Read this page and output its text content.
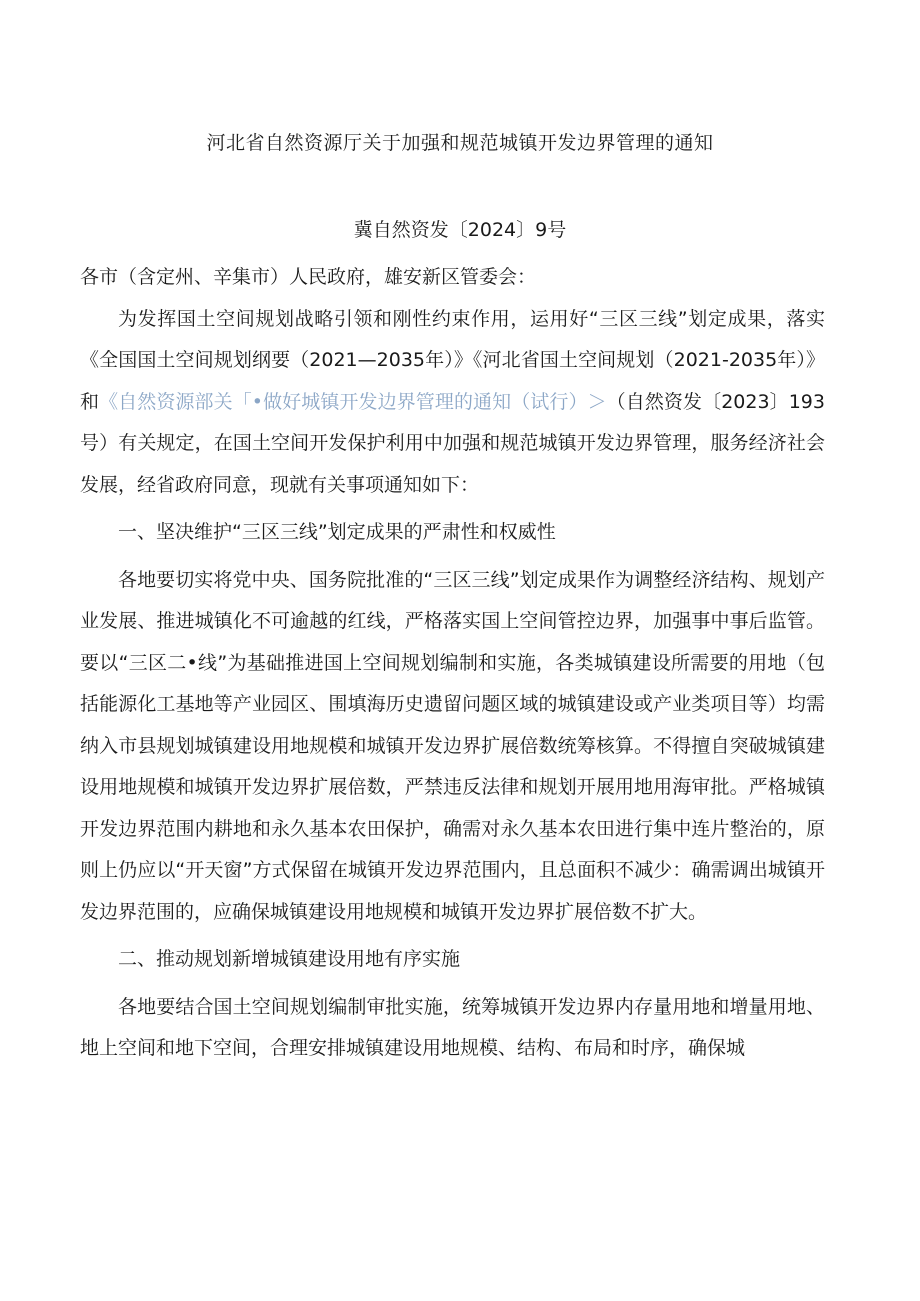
河北省自然资源厅关于加强和规范城镇开发边界管理的通知
冀自然资发〔2024〕9号

各市（含定州、辛集市）人民政府，雄安新区管委会：

为发挥国土空间规划战略引领和刚性约束作用，运用好“三区三线”划定成果，落实《全国国土空间规划纲要（2021—2035年）》《河北省国土空间规划（2021-2035年）》和《自然资源部关「•做好城镇开发边界管理的通知（试行）＞（自然资发〔2023〕193号）有关规定，在国土空间开发保护利用中加强和规范城镇开发边界管理，服务经济社会发展，经省政府同意，现就有关事项通知如下：

一、坚决维护“三区三线”划定成果的严肃性和权威性

各地要切实将党中央、国务院批准的“三区三线”划定成果作为调整经济结构、规划产业发展、推进城镇化不可逾越的红线，严格落实国上空间管控边界，加强事中事后监管。要以“三区二•线”为基础推进国上空间规划编制和实施，各类城镇建设所需要的用地（包括能源化工基地等产业园区、围填海历史遗留问题区域的城镇建设或产业类项目等）均需纳入市县规划城镇建设用地规模和城镇开发边界扩展倍数统筹核算。不得擅自突破城镇建设用地规模和城镇开发边界扩展倍数，严禁违反法律和规划开展用地用海审批。严格城镇开发边界范围内耕地和永久基本农田保护，确需对永久基本农田进行集中连片整治的，原则上仍应以“开天窗”方式保留在城镇开发边界范围内，且总面积不减少：确需调出城镇开发边界范围的，应确保城镇建设用地规模和城镇开发边界扩展倍数不扩大。

二、推动规划新增城镇建设用地有序实施

各地要结合国土空间规划编制审批实施，统筹城镇开发边界内存量用地和增量用地、地上空间和地下空间，合理安排城镇建设用地规模、结构、布局和时序，确保城
